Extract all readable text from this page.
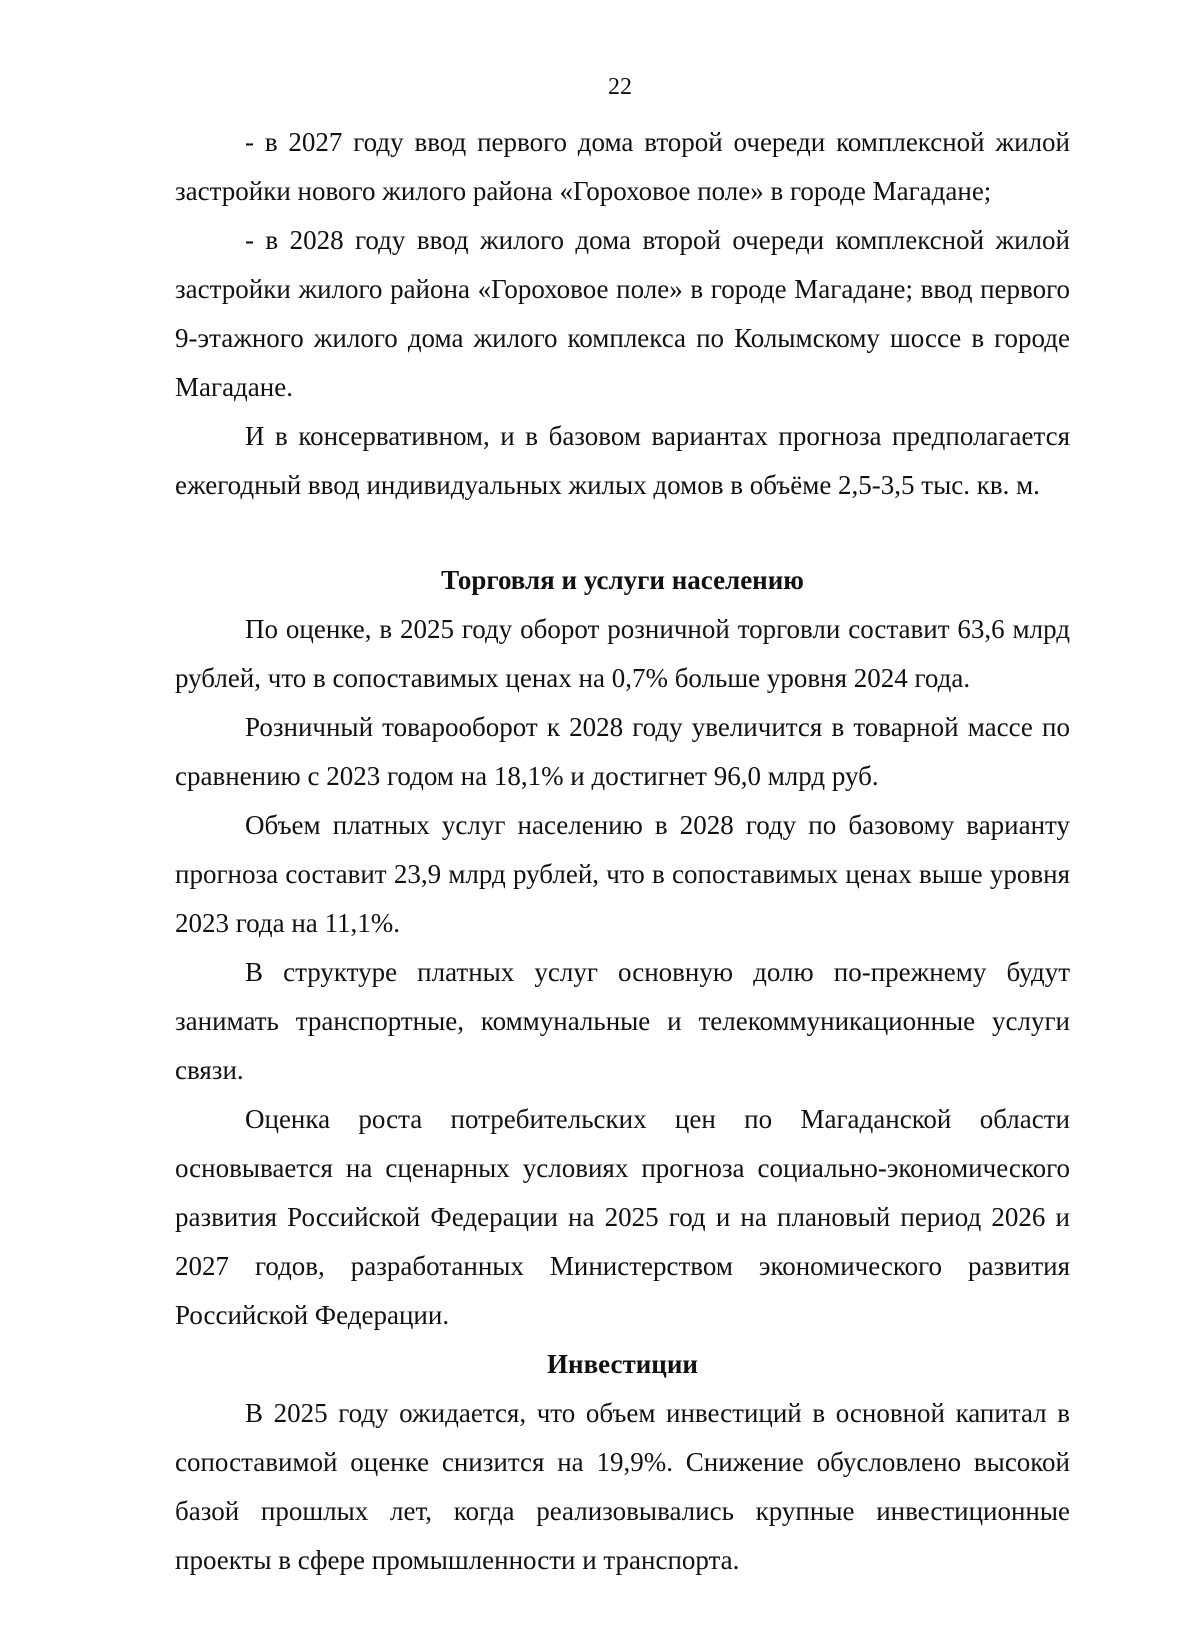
22

- в 2027 году ввод первого дома второй очереди комплексной жилой застройки нового жилого района «Гороховое поле» в городе Магадане;

- в 2028 году ввод жилого дома второй очереди комплексной жилой застройки жилого района «Гороховое поле» в городе Магадане; ввод первого 9-этажного жилого дома жилого комплекса по Колымскому шоссе в городе Магадане.

И в консервативном, и в базовом вариантах прогноза предполагается ежегодный ввод индивидуальных жилых домов в объёме 2,5-3,5 тыс. кв. м.

Торговля и услуги населению

По оценке, в 2025 году оборот розничной торговли составит 63,6 млрд рублей, что в сопоставимых ценах на 0,7% больше уровня 2024 года.

Розничный товарооборот к 2028 году увеличится в товарной массе по сравнению с 2023 годом на 18,1% и достигнет 96,0 млрд руб.

Объем платных услуг населению в 2028 году по базовому варианту прогноза составит 23,9 млрд рублей, что в сопоставимых ценах выше уровня 2023 года на 11,1%.

В структуре платных услуг основную долю по-прежнему будут занимать транспортные, коммунальные и телекоммуникационные услуги связи.

Оценка роста потребительских цен по Магаданской области основывается на сценарных условиях прогноза социально-экономического развития Российской Федерации на 2025 год и на плановый период 2026 и 2027 годов, разработанных Министерством экономического развития Российской Федерации.

Инвестиции

В 2025 году ожидается, что объем инвестиций в основной капитал в сопоставимой оценке снизится на 19,9%. Снижение обусловлено высокой базой прошлых лет, когда реализовывались крупные инвестиционные проекты в сфере промышленности и транспорта.
